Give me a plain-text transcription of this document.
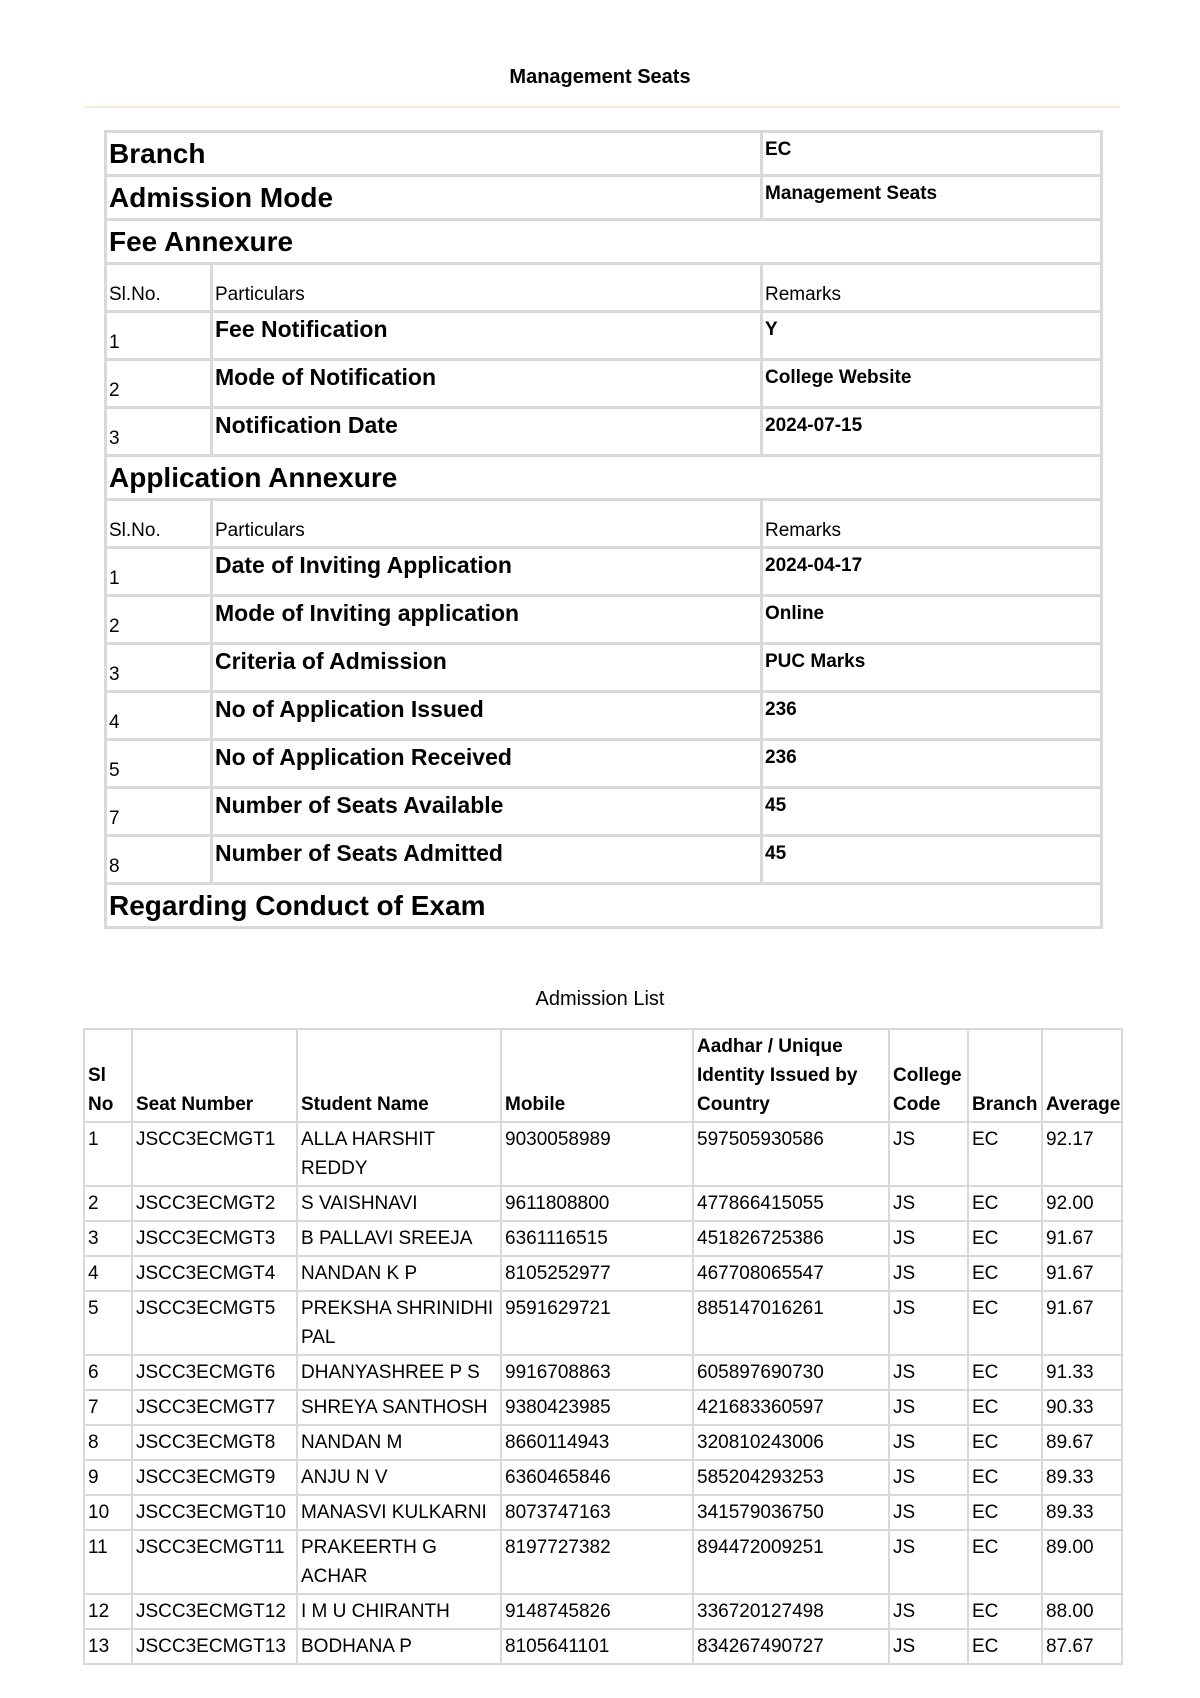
Management Seats
Branch		EC
Admission Mode		Management Seats
Fee Annexure		
Sl.No.	Particulars	Remarks
1	Fee Notification	Y
2	Mode of Notification	College Website
3	Notification Date	2024-07-15
Application Annexure		
Sl.No.	Particulars	Remarks
1	Date of Inviting Application	2024-04-17
2	Mode of Inviting application	Online
3	Criteria of Admission	PUC Marks
4	No of Application Issued	236
5	No of Application Received	236
7	Number of Seats Available	45
8	Number of Seats Admitted	45
Regarding Conduct of Exam		
Admission List
Sl No	Seat Number	Student Name	Mobile	Aadhar / Unique Identity Issued by Country	College Code	Branch	Average
1	JSCC3ECMGT1	ALLA HARSHIT REDDY	9030058989	597505930586	JS	EC	92.17
2	JSCC3ECMGT2	S VAISHNAVI	9611808800	477866415055	JS	EC	92.00
3	JSCC3ECMGT3	B PALLAVI SREEJA	6361116515	451826725386	JS	EC	91.67
4	JSCC3ECMGT4	NANDAN K P	8105252977	467708065547	JS	EC	91.67
5	JSCC3ECMGT5	PREKSHA SHRINIDHI PAL	9591629721	885147016261	JS	EC	91.67
6	JSCC3ECMGT6	DHANYASHREE P S	9916708863	605897690730	JS	EC	91.33
7	JSCC3ECMGT7	SHREYA SANTHOSH	9380423985	421683360597	JS	EC	90.33
8	JSCC3ECMGT8	NANDAN M	8660114943	320810243006	JS	EC	89.67
9	JSCC3ECMGT9	ANJU N V	6360465846	585204293253	JS	EC	89.33
10	JSCC3ECMGT10	MANASVI KULKARNI	8073747163	341579036750	JS	EC	89.33
11	JSCC3ECMGT11	PRAKEERTH G ACHAR	8197727382	894472009251	JS	EC	89.00
12	JSCC3ECMGT12	I M U CHIRANTH	9148745826	336720127498	JS	EC	88.00
13	JSCC3ECMGT13	BODHANA P	8105641101	834267490727	JS	EC	87.67
